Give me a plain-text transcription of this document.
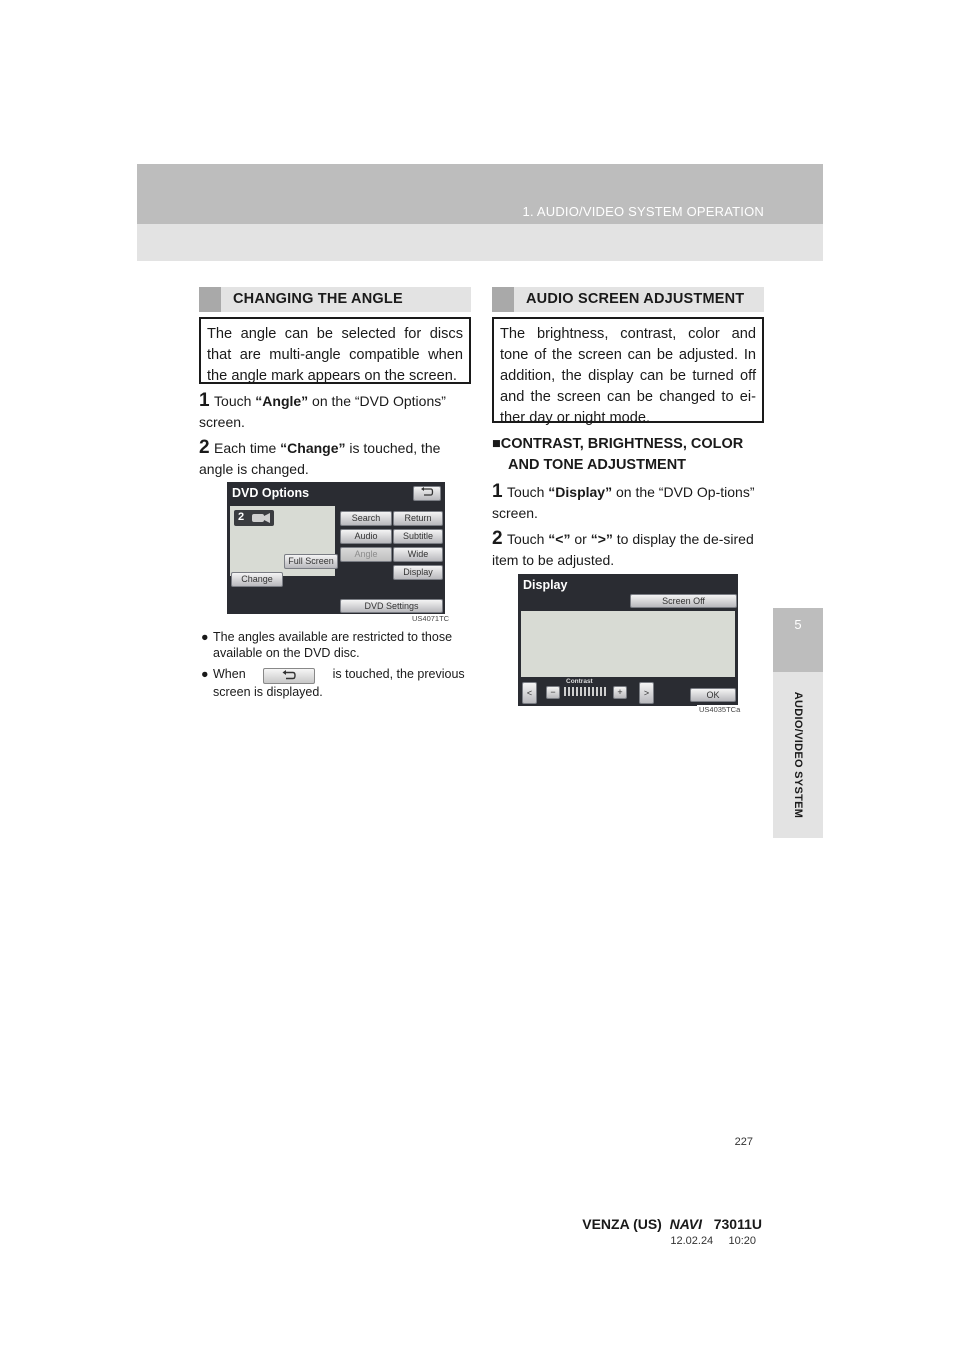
1. AUDIO/VIDEO SYSTEM OPERATION
5
AUDIO/VIDEO SYSTEM
CHANGING THE ANGLE
The angle can be selected for discs that are multi-angle compatible when the angle mark appears on the screen.
1 Touch “Angle” on the “DVD Options” screen.
2 Each time “Change” is touched, the angle is changed.
DVD Options
2	Search	Return
Audio	Subtitle
Angle	Wide
Full Screen
Display
Change
DVD Settings
US4071TC
● The angles available are restricted to those available on the DVD disc.
● When	is touched, the previous screen is displayed.
AUDIO SCREEN ADJUSTMENT
The brightness, contrast, color and tone of the screen can be adjusted. In addition, the display can be turned off and the screen can be changed to ei-ther day or night mode.
■CONTRAST, BRIGHTNESS, COLOR
AND TONE ADJUSTMENT
1 Touch “Display” on the “DVD Op-tions” screen.
2 Touch “<” or “>” to display the de-sired item to be adjusted.
Display
Screen Off
<	−
Contrast
+	>	OK
US4035TCa
227
VENZA (US) NAVI 73011U
12.02.24     10:20
